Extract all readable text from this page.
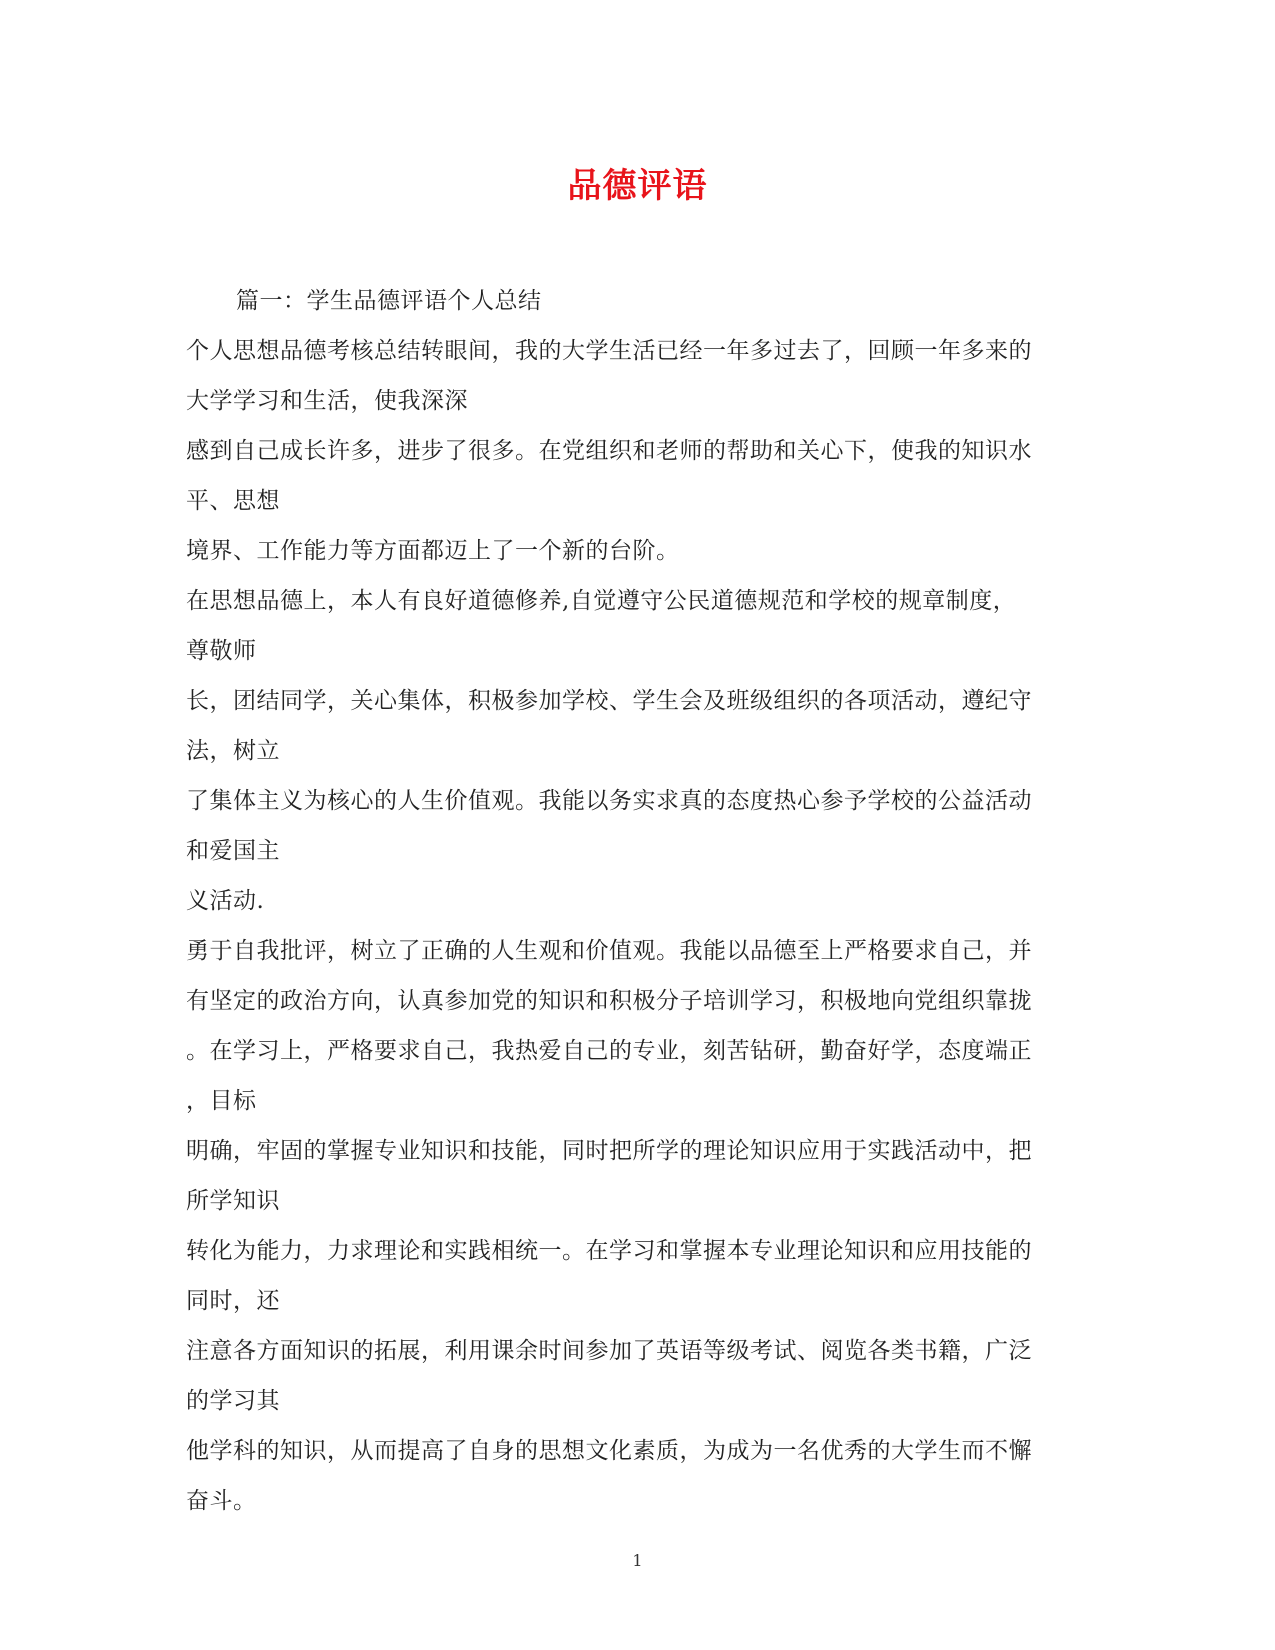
品德评语
篇一：学生品德评语个人总结
个人思想品德考核总结转眼间，我的大学生活已经一年多过去了，回顾一年多来的
大学学习和生活，使我深深
感到自己成长许多，进步了很多。在党组织和老师的帮助和关心下，使我的知识水
平、思想
境界、工作能力等方面都迈上了一个新的台阶。
在思想品德上，本人有良好道德修养,自觉遵守公民道德规范和学校的规章制度，
尊敬师
长，团结同学，关心集体，积极参加学校、学生会及班级组织的各项活动，遵纪守
法，树立
了集体主义为核心的人生价值观。我能以务实求真的态度热心参予学校的公益活动
和爱国主
义活动.
勇于自我批评，树立了正确的人生观和价值观。我能以品德至上严格要求自己，并
有坚定的政治方向，认真参加党的知识和积极分子培训学习，积极地向党组织靠拢
。在学习上，严格要求自己，我热爱自己的专业，刻苦钻研，勤奋好学，态度端正
，目标
明确，牢固的掌握专业知识和技能，同时把所学的理论知识应用于实践活动中，把
所学知识
转化为能力，力求理论和实践相统一。在学习和掌握本专业理论知识和应用技能的
同时，还
注意各方面知识的拓展，利用课余时间参加了英语等级考试、阅览各类书籍，广泛
的学习其
他学科的知识，从而提高了自身的思想文化素质，为成为一名优秀的大学生而不懈
奋斗。
1
